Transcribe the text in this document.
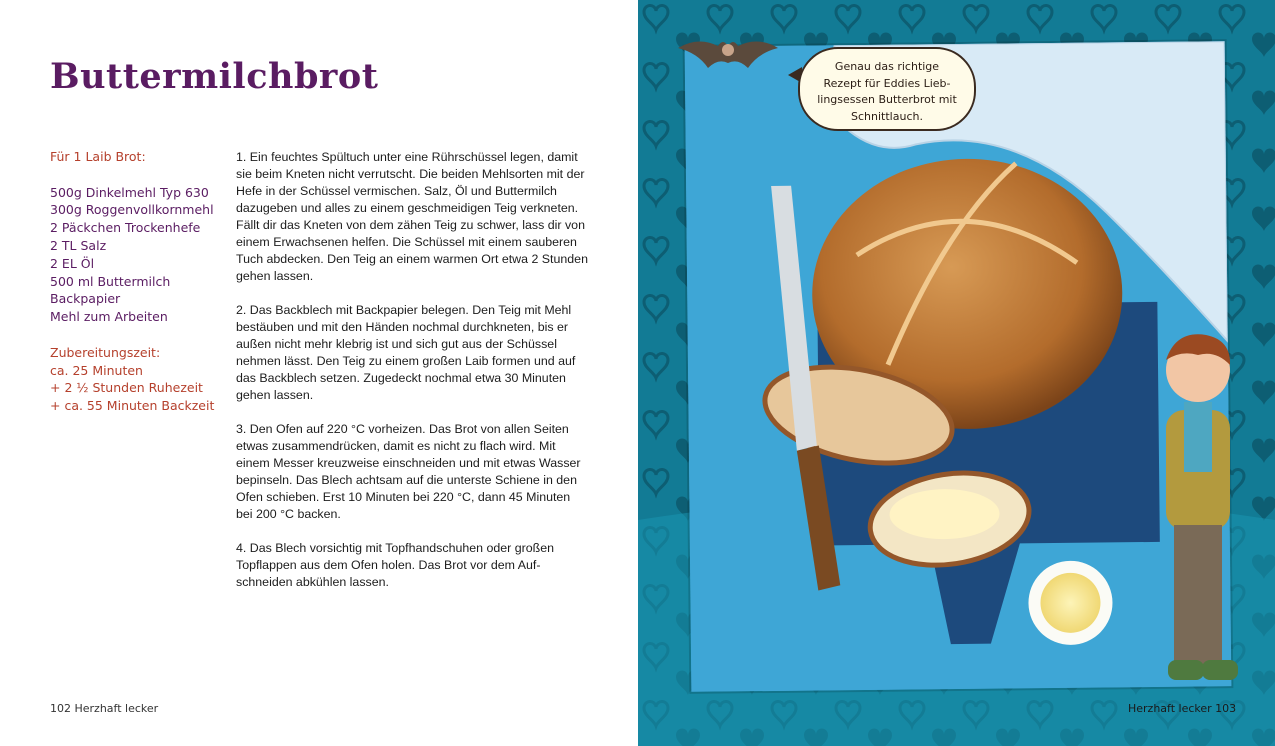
Buttermilchbrot
Für 1 Laib Brot:
500g Dinkelmehl Typ 630
300g Roggenvollkornmehl
2 Päckchen Trockenhefe
2 TL Salz
2 EL Öl
500 ml Buttermilch
Backpapier
Mehl zum Arbeiten
Zubereitungszeit:
ca. 25 Minuten
+ 2 ½ Stunden Ruhezeit
+ ca. 55 Minuten Backzeit

1. Ein feuchtes Spültuch unter eine Rührschüssel legen, damit sie beim Kneten nicht verrutscht. Die beiden Mehlsorten mit der Hefe in der Schüssel vermischen. Salz, Öl und Buttermilch dazugeben und alles zu einem geschmeidigen Teig verkneten. Fällt dir das Kneten von dem zähen Teig zu schwer, lass dir von einem Erwachsenen helfen. Die Schüssel mit einem sauberen Tuch abdecken. Den Teig an einem warmen Ort etwa 2 Stunden gehen lassen.

2. Das Backblech mit Backpapier belegen. Den Teig mit Mehl bestäuben und mit den Händen nochmal durchkneten, bis er außen nicht mehr klebrig ist und sich gut aus der Schüssel nehmen lässt. Den Teig zu einem großen Laib formen und auf das Backblech setzen. Zugedeckt nochmal etwa 30 Minuten gehen lassen.

3. Den Ofen auf 220 °C vorheizen. Das Brot von allen Seiten etwas zusammendrücken, damit es nicht zu flach wird. Mit einem Messer kreuzweise einschneiden und mit etwas Wasser bepinseln. Das Blech achtsam auf die unterste Schiene in den Ofen schieben. Erst 10 Minuten bei 220 °C, dann 45 Minuten bei 200 °C backen.

4. Das Blech vorsichtig mit Topfhandschuhen oder großen Topflappen aus dem Ofen holen. Das Brot vor dem Aufschneiden abkühlen lassen.

102 Herzhaft lecker
Genau das richtige Rezept für Eddies Lieblingsessen Butterbrot mit Schnittlauch.
Herzhaft lecker 103
